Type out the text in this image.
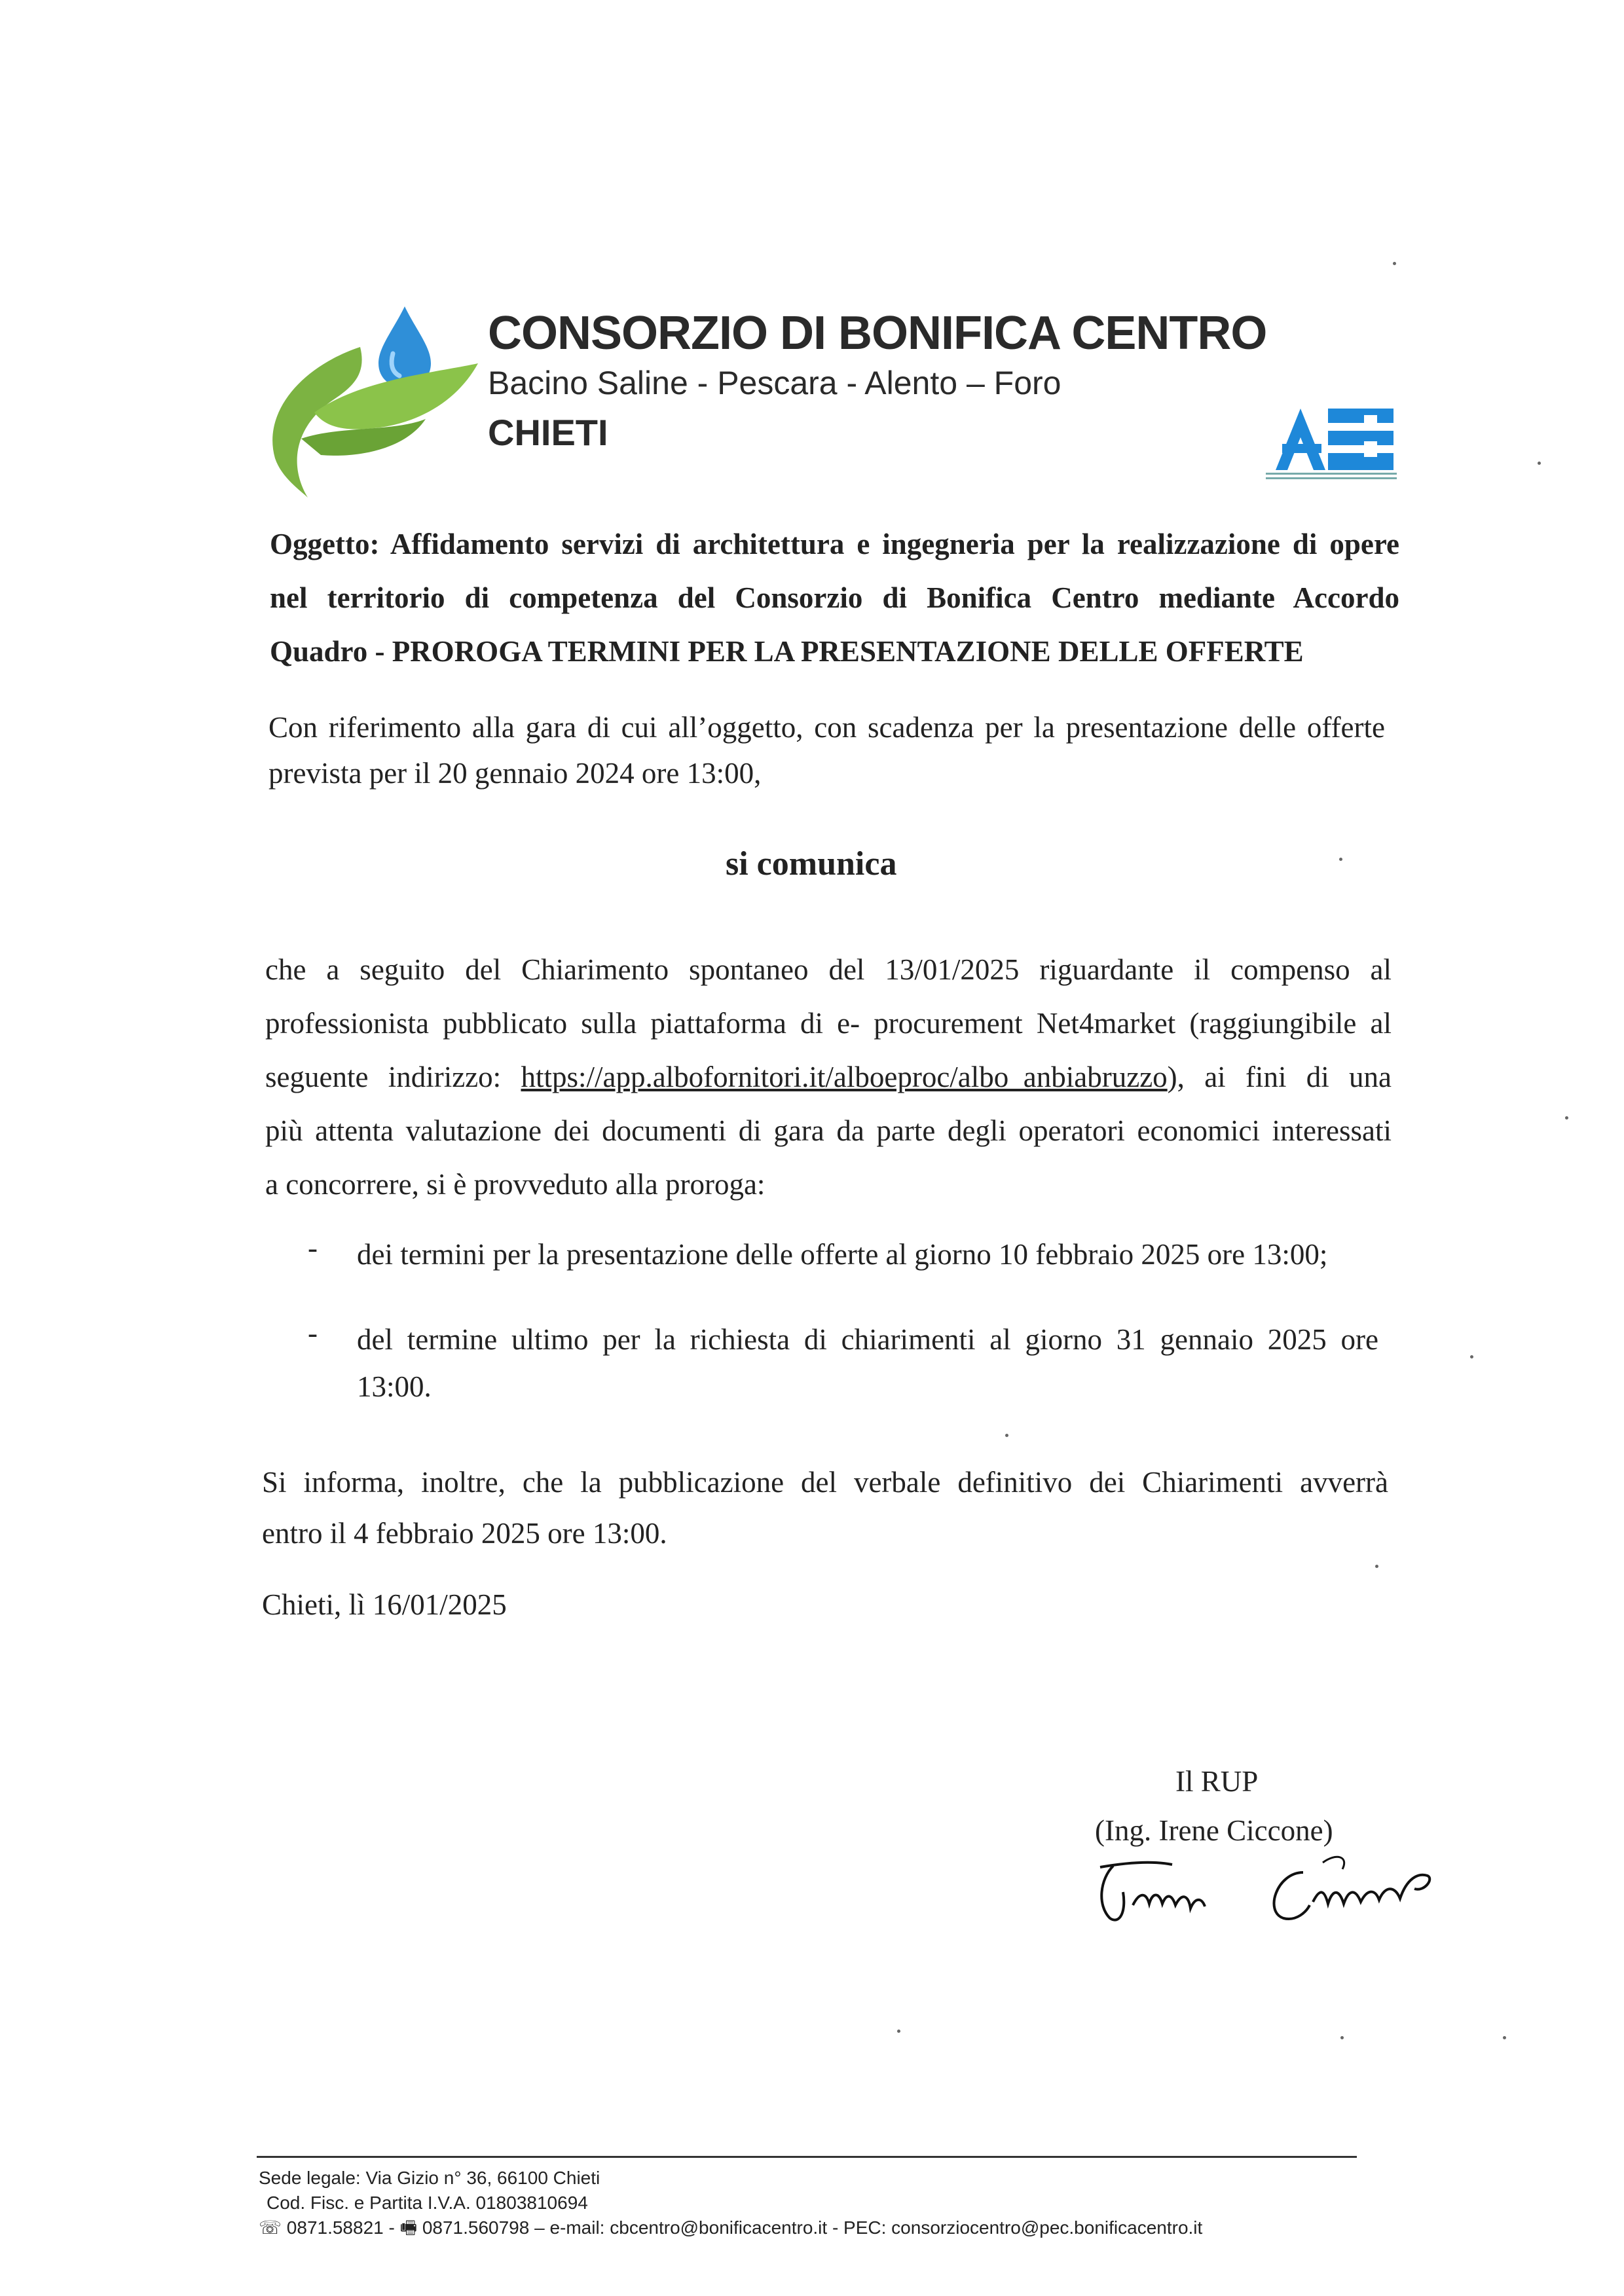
CONSORZIO DI BONIFICA CENTRO
Bacino Saline - Pescara - Alento – Foro
CHIETI
Oggetto: Affidamento servizi di architettura e ingegneria per la realizzazione di opere
nel territorio di competenza del Consorzio di Bonifica Centro mediante Accordo
Quadro - PROROGA TERMINI PER LA PRESENTAZIONE DELLE OFFERTE
Con riferimento alla gara di cui all’oggetto, con scadenza per la presentazione delle offerte
prevista per il 20 gennaio 2024 ore 13:00,
si comunica
che a seguito del Chiarimento spontaneo del 13/01/2025 riguardante il compenso al
professionista pubblicato sulla piattaforma di e- procurement Net4market (raggiungibile al
seguente indirizzo: https://app.albofornitori.it/alboeproc/albo_anbiabruzzo), ai fini di una
più attenta valutazione dei documenti di gara da parte degli operatori economici interessati
a concorrere, si è provveduto alla proroga:
- dei termini per la presentazione delle offerte al giorno 10 febbraio 2025 ore 13:00;
- del termine ultimo per la richiesta di chiarimenti al giorno 31 gennaio 2025 ore
13:00.
Si informa, inoltre, che la pubblicazione del verbale definitivo dei Chiarimenti avverrà
entro il 4 febbraio 2025 ore 13:00.
Chieti, lì 16/01/2025
Il RUP
(Ing. Irene Ciccone)
Sede legale: Via Gizio n° 36, 66100 Chieti
Cod. Fisc. e Partita I.V.A. 01803810694
☏ 0871.58821 - 🖷 0871.560798 – e-mail: cbcentro@bonificacentro.it - PEC: consorziocentro@pec.bonificacentro.it
